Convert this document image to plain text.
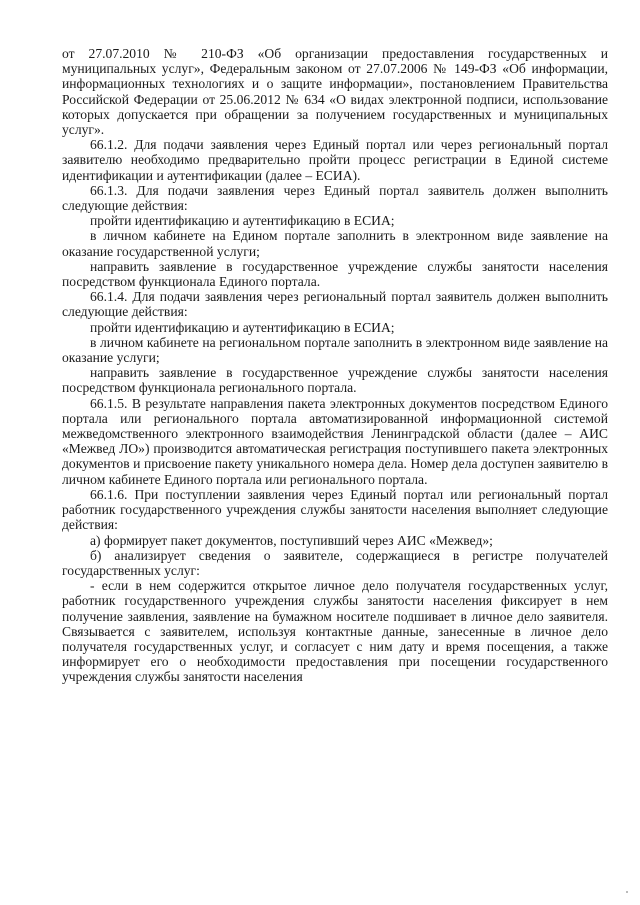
от 27.07.2010 № 210-ФЗ «Об организации предоставления государственных и муниципальных услуг», Федеральным законом от 27.07.2006 № 149-ФЗ «Об информации, информационных технологиях и о защите информации», постановлением Правительства Российской Федерации от 25.06.2012 № 634 «О видах электронной подписи, использование которых допускается при обращении за получением государственных и муниципальных услуг».

66.1.2. Для подачи заявления через Единый портал или через региональный портал заявителю необходимо предварительно пройти процесс регистрации в Единой системе идентификации и аутентификации (далее – ЕСИА).

66.1.3. Для подачи заявления через Единый портал заявитель должен выполнить следующие действия:

пройти идентификацию и аутентификацию в ЕСИА;

в личном кабинете на Едином портале заполнить в электронном виде заявление на оказание государственной услуги;

направить заявление в государственное учреждение службы занятости населения посредством функционала Единого портала.

66.1.4. Для подачи заявления через региональный портал заявитель должен выполнить следующие действия:

пройти идентификацию и аутентификацию в ЕСИА;

в личном кабинете на региональном портале заполнить в электронном виде заявление на оказание услуги;

направить заявление в государственное учреждение службы занятости населения посредством функционала регионального портала.

66.1.5. В результате направления пакета электронных документов посредством Единого портала или регионального портала автоматизированной информационной системой межведомственного электронного взаимодействия Ленинградской области (далее – АИС «Межвед ЛО») производится автоматическая регистрация поступившего пакета электронных документов и присвоение пакету уникального номера дела. Номер дела доступен заявителю в личном кабинете Единого портала или регионального портала.

66.1.6. При поступлении заявления через Единый портал или региональный портал работник государственного учреждения службы занятости населения выполняет следующие действия:

а) формирует пакет документов, поступивший через АИС «Межвед»;

б) анализирует сведения о заявителе, содержащиеся в регистре получателей государственных услуг:

- если в нем содержится открытое личное дело получателя государственных услуг, работник государственного учреждения службы занятости населения фиксирует в нем получение заявления, заявление на бумажном носителе подшивает в личное дело заявителя. Связывается с заявителем, используя контактные данные, занесенные в личное дело получателя государственных услуг, и согласует с ним дату и время посещения, а также информирует его о необходимости предоставления при посещении государственного учреждения службы занятости населения
